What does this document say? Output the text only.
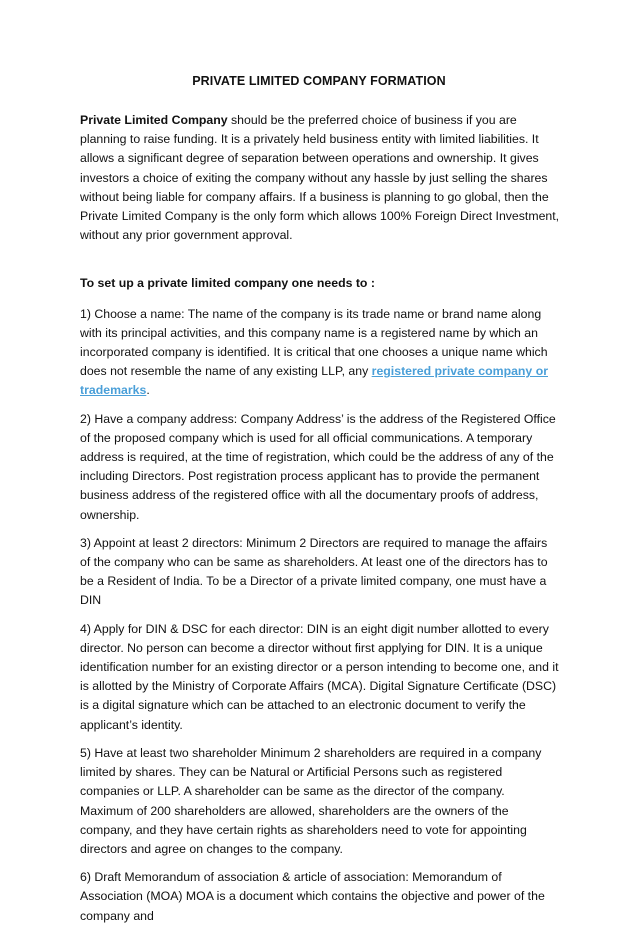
PRIVATE LIMITED COMPANY FORMATION

Private Limited Company should be the preferred choice of business if you are planning to raise funding. It is a privately held business entity with limited liabilities. It allows a significant degree of separation between operations and ownership. It gives investors a choice of exiting the company without any hassle by just selling the shares without being liable for company affairs. If a business is planning to go global, then the Private Limited Company is the only form which allows 100% Foreign Direct Investment, without any prior government approval.

To set up a private limited company one needs to :

1) Choose a name: The name of the company is its trade name or brand name along with its principal activities, and this company name is a registered name by which an incorporated company is identified. It is critical that one chooses a unique name which does not resemble the name of any existing LLP, any registered private company or trademarks.

2) Have a company address: Company Address’ is the address of the Registered Office of the proposed company which is used for all official communications. A temporary address is required, at the time of registration, which could be the address of any of the including Directors. Post registration process applicant has to provide the permanent business address of the registered office with all the documentary proofs of address, ownership.

3) Appoint at least 2 directors: Minimum 2 Directors are required to manage the affairs of the company who can be same as shareholders. At least one of the directors has to be a Resident of India. To be a Director of a private limited company, one must have a DIN

4) Apply for DIN & DSC for each director: DIN is an eight digit number allotted to every director. No person can become a director without first applying for DIN. It is a unique identification number for an existing director or a person intending to become one, and it is allotted by the Ministry of Corporate Affairs (MCA). Digital Signature Certificate (DSC) is a digital signature which can be attached to an electronic document to verify the applicant’s identity.

5) Have at least two shareholder Minimum 2 shareholders are required in a company limited by shares. They can be Natural or Artificial Persons such as registered companies or LLP. A shareholder can be same as the director of the company. Maximum of 200 shareholders are allowed, shareholders are the owners of the company, and they have certain rights as shareholders need to vote for appointing directors and agree on changes to the company.

6) Draft Memorandum of association & article of association: Memorandum of Association (MOA) MOA is a document which contains the objective and power of the company and
